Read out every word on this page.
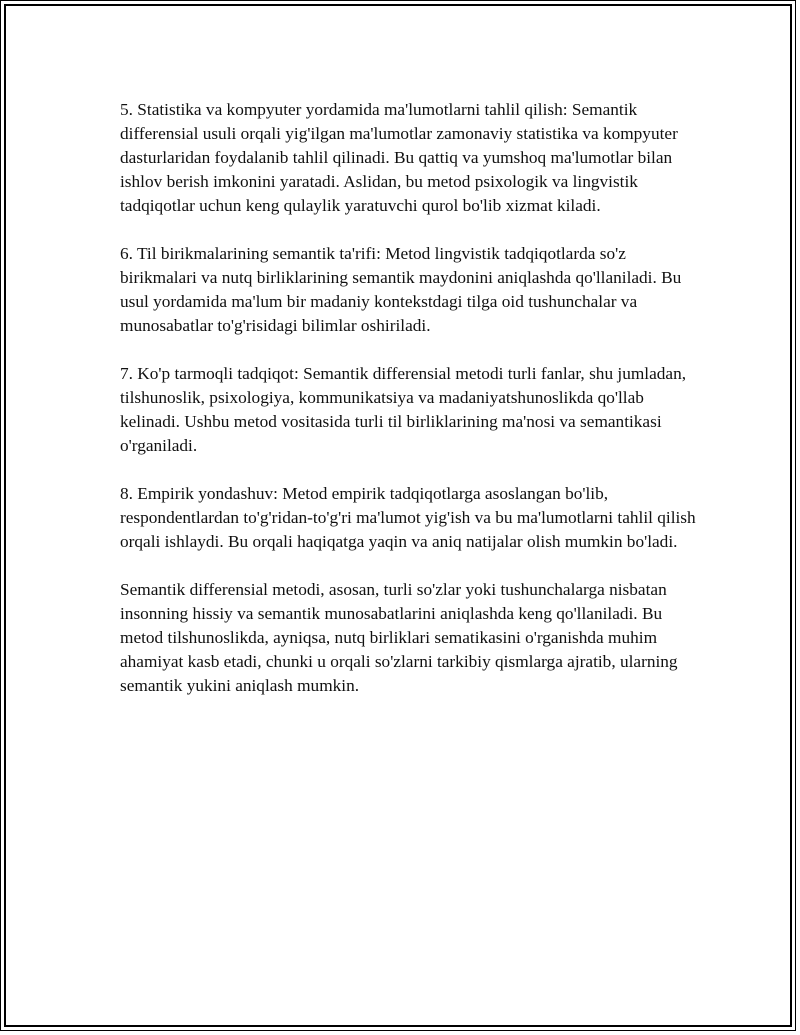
5. Statistika va kompyuter yordamida ma'lumotlarni tahlil qilish: Semantik differensial usuli orqali yig'ilgan ma'lumotlar zamonaviy statistika va kompyuter dasturlaridan foydalanib tahlil qilinadi. Bu qattiq va yumshoq ma'lumotlar bilan ishlov berish imkonini yaratadi. Aslidan, bu metod psixologik va lingvistik tadqiqotlar uchun keng qulaylik yaratuvchi qurol bo'lib xizmat kiladi.

6. Til birikmalarining semantik ta'rifi: Metod lingvistik tadqiqotlarda so'z birikmalari va nutq birliklarining semantik maydonini aniqlashda qo'llaniladi. Bu usul yordamida ma'lum bir madaniy kontekstdagi tilga oid tushunchalar va munosabatlar to'g'risidagi bilimlar oshiriladi.

7. Ko'p tarmoqli tadqiqot: Semantik differensial metodi turli fanlar, shu jumladan, tilshunoslik, psixologiya, kommunikatsiya va madaniyatshunoslikda qo'llab kelinadi. Ushbu metod vositasida turli til birliklarining ma'nosi va semantikasi o'rganiladi.

8. Empirik yondashuv: Metod empirik tadqiqotlarga asoslangan bo'lib, respondentlardan to'g'ridan-to'g'ri ma'lumot yig'ish va bu ma'lumotlarni tahlil qilish orqali ishlaydi. Bu orqali haqiqatga yaqin va aniq natijalar olish mumkin bo'ladi.

Semantik differensial metodi, asosan, turli so'zlar yoki tushunchalarga nisbatan insonning hissiy va semantik munosabatlarini aniqlashda keng qo'llaniladi. Bu metod tilshunoslikda, ayniqsa, nutq birliklari sematikasini o'rganishda muhim ahamiyat kasb etadi, chunki u orqali so'zlarni tarkibiy qismlarga ajratib, ularning semantik yukini aniqlash mumkin.
